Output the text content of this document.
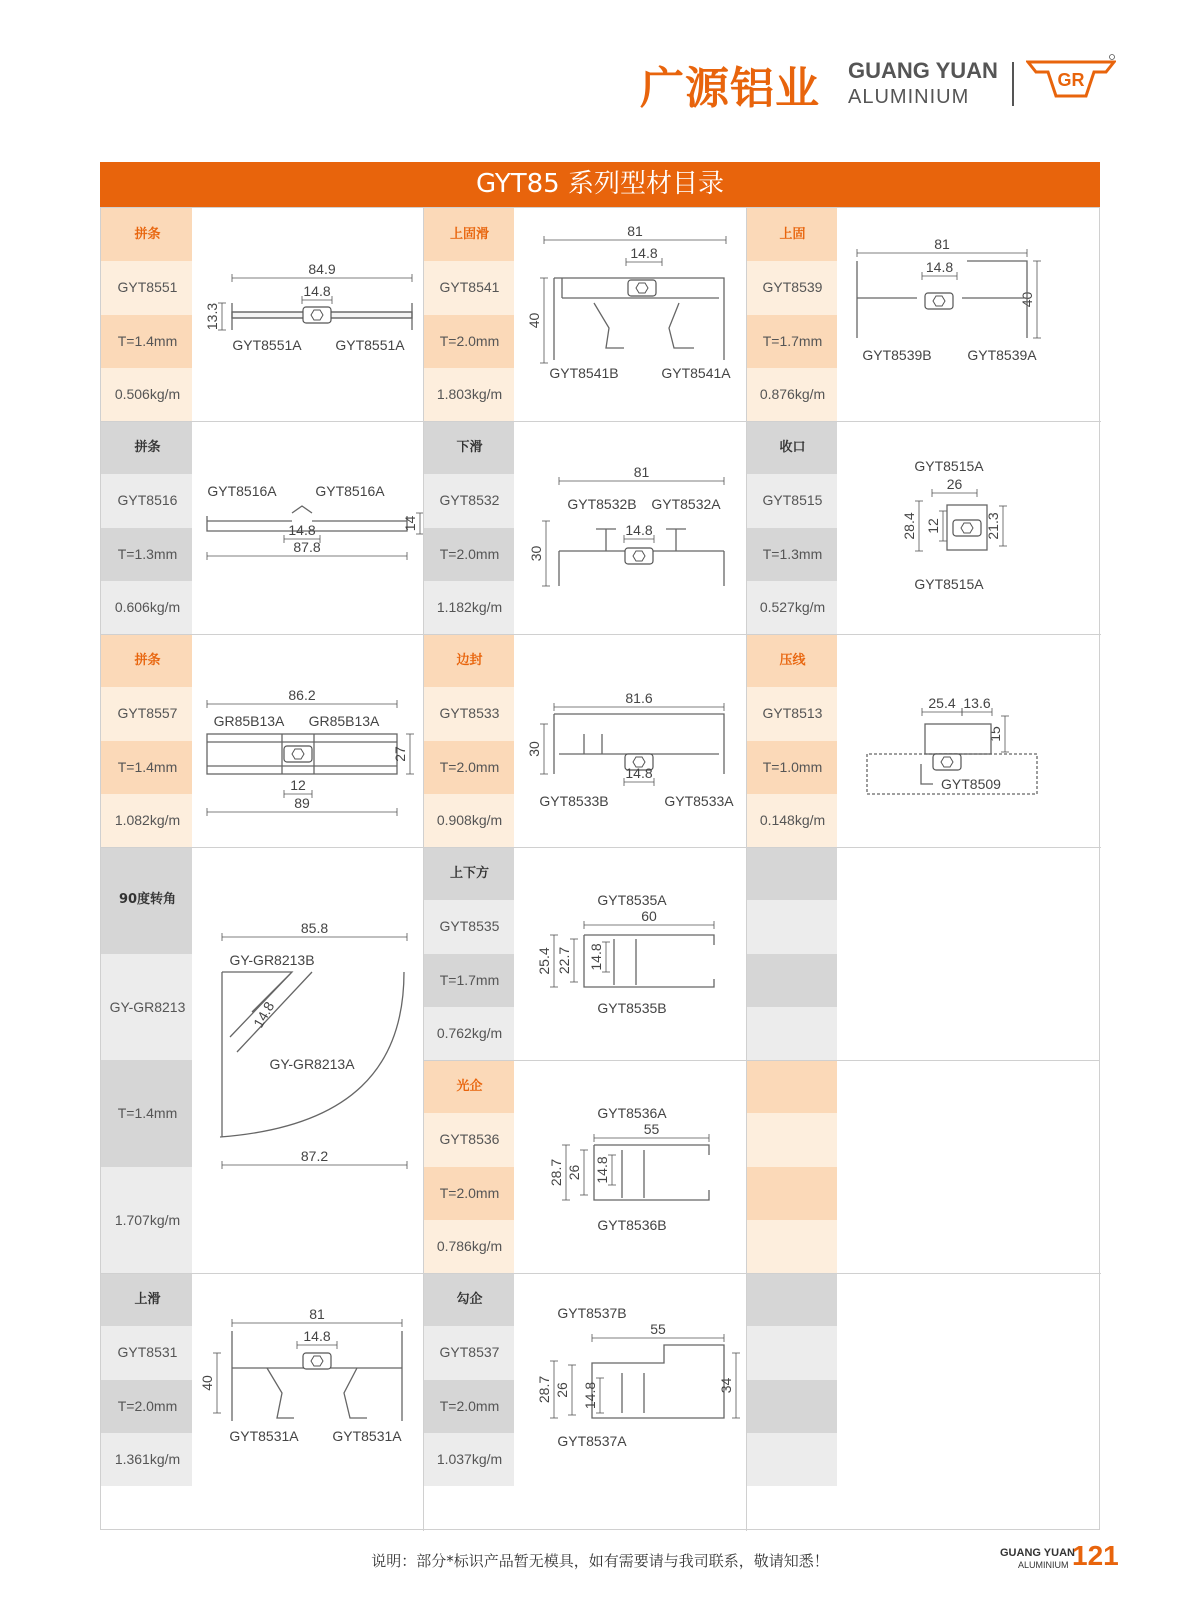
广源铝业 GUANG YUAN
ALUMINIUM
GR
GYT85 系列型材目录
拼条
GYT8551
T=1.4mm
0.506kg/m
84.9
14.8
13.3
GYT8551A GYT8551A
上固滑
GYT8541
T=2.0mm
1.803kg/m
81
14.8
40
GYT8541B	GYT8541A
上固
GYT8539
T=1.7mm
0.876kg/m
81
14.8
40
GYT8539B	GYT8539A
拼条
GYT8516
T=1.3mm
0.606kg/m
GYT8516A	GYT8516A
14.8
87.8
14
下滑
GYT8532
T=2.0mm
1.182kg/m
81
GYT8532B GYT8532A
14.8
30
收口
GYT8515
T=1.3mm
0.527kg/m
GYT8515A
26
28.4 12	21.3
GYT8515A
拼条
GYT8557
T=1.4mm
1.082kg/m
86.2
GR85B13A GR85B13A
27
12
89
边封
GYT8533
T=2.0mm
0.908kg/m
81.6
30
14.8
GYT8533B	GYT8533A
压线
GYT8513
T=1.0mm
0.148kg/m
25.4 13.6
15
GYT8509
90度转角
GY-GR8213
T=1.4mm
1.707kg/m
85.8
GY-GR8213B
14.8
GY-GR8213A
87.2
上下方
GYT8535
T=1.7mm
0.762kg/m
GYT8535A
60
25.4 22.7 14.8
GYT8535B
光企
GYT8536
T=2.0mm
0.786kg/m
GYT8536A
55
28.7 26 14.8
GYT8536B
上滑
GYT8531
T=2.0mm
1.361kg/m
81
14.8
40
GYT8531A GYT8531A
勾企
GYT8537
T=2.0mm
1.037kg/m
GYT8537B
55
28.7 26 14.8	34
GYT8537A
说明：部分*标识产品暂无模具，如有需要请与我司联系，敬请知悉！	GUANG YUAN
ALUMINIUM 121
